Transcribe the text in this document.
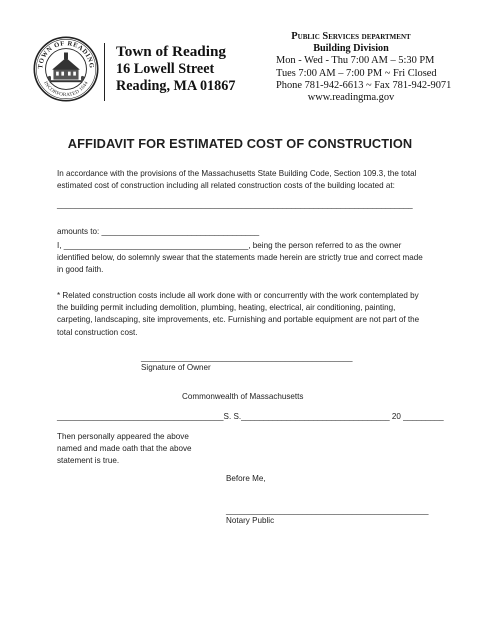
TOWN OF READING
INCORPORATED 1644
Town of Reading
16 Lowell Street
Reading, MA 01867
Public Services department
Building Division
Mon - Wed - Thu 7:00 AM – 5:30 PM
Tues 7:00 AM – 7:00 PM ~ Fri Closed
Phone 781-942-6613 ~ Fax 781-942-9071
www.readingma.gov
AFFIDAVIT FOR ESTIMATED COST OF CONSTRUCTION
In accordance with the provisions of the Massachusetts State Building Code, Section 109.3, the total estimated cost of construction including all related construction costs of the building located at:
_______________________________________________________________________________
amounts to: ___________________________________
I, _________________________________________, being the person referred to as the owner identified below, do solemnly swear that the statements made herein are strictly true and correct made in good faith.
* Related construction costs include all work done with or concurrently with the work contemplated by the building permit including demolition, plumbing, heating, electrical, air conditioning, painting, carpeting, landscaping, site improvements, etc. Furnishing and portable equipment are not part of the total construction cost.
_______________________________________________
Signature of Owner
Commonwealth of Massachusetts
_____________________________________S. S._________________________________ 20 _________
Then personally appeared the above named and made oath that the above statement is true.
Before Me,
_____________________________________________
Notary Public
